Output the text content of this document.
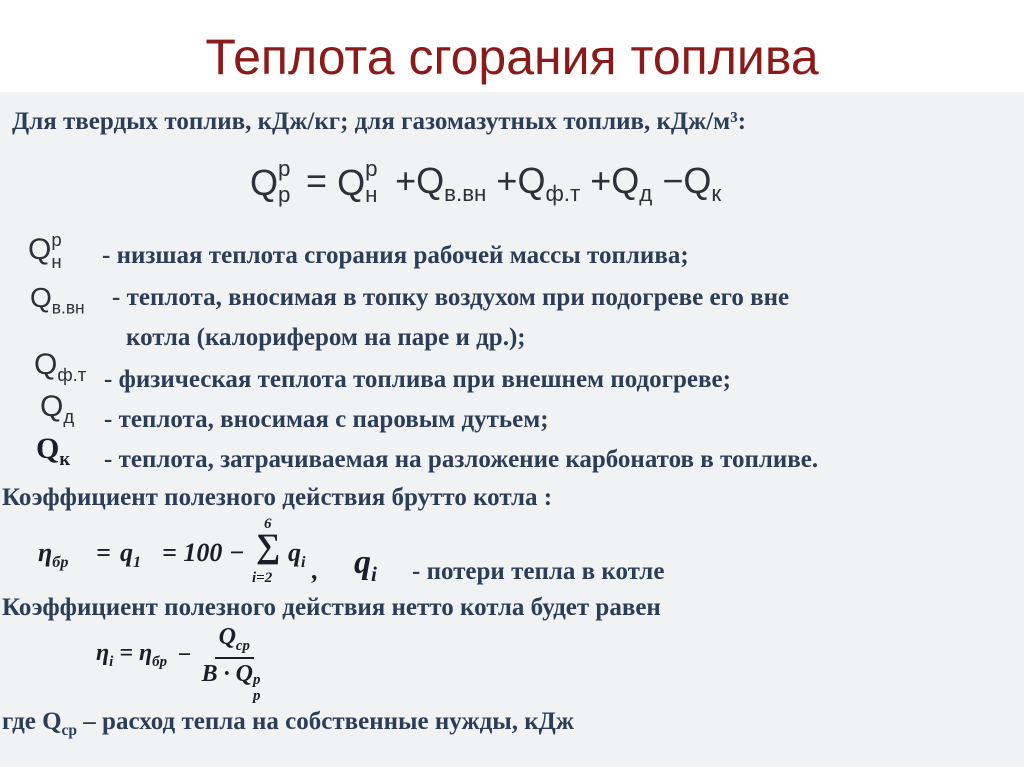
Теплота сгорания топлива
Для твердых топлив, кДж/кг; для газомазутных топлив, кДж/м³:
Q p
p = Q p
$н +Q_{в.вн} +Q_{ф.т} +Q_д -Q_к$
Q p
н - низшая теплота сгорания рабочей массы топлива;
$Q_{в.вн}$ - теплота, вносимая в топку воздухом при подогреве его вне
котла (калорифером на паре и др.);
$Q_{ф.т}$ - физическая теплота топлива при внешнем подогреве;
$Q_д$ - теплота, вносимая с паровым дутьем;
$Q_к$ - теплота, затрачиваемая на разложение карбонатов в топливе.
Коэффициент полезного действия брутто котла :
$\eta_{бр} = q_1 = 100$ − ∑
6
i=2
$q_i$ , $q_i$ - потери тепла в котле
Коэффициент полезного действия нетто котла будет равен
$\eta_i = \eta_{бр} - Q_{ср}$
B · Q p
p
где $Q_{ср}$ – расход тепла на собственные нужды, кДж
